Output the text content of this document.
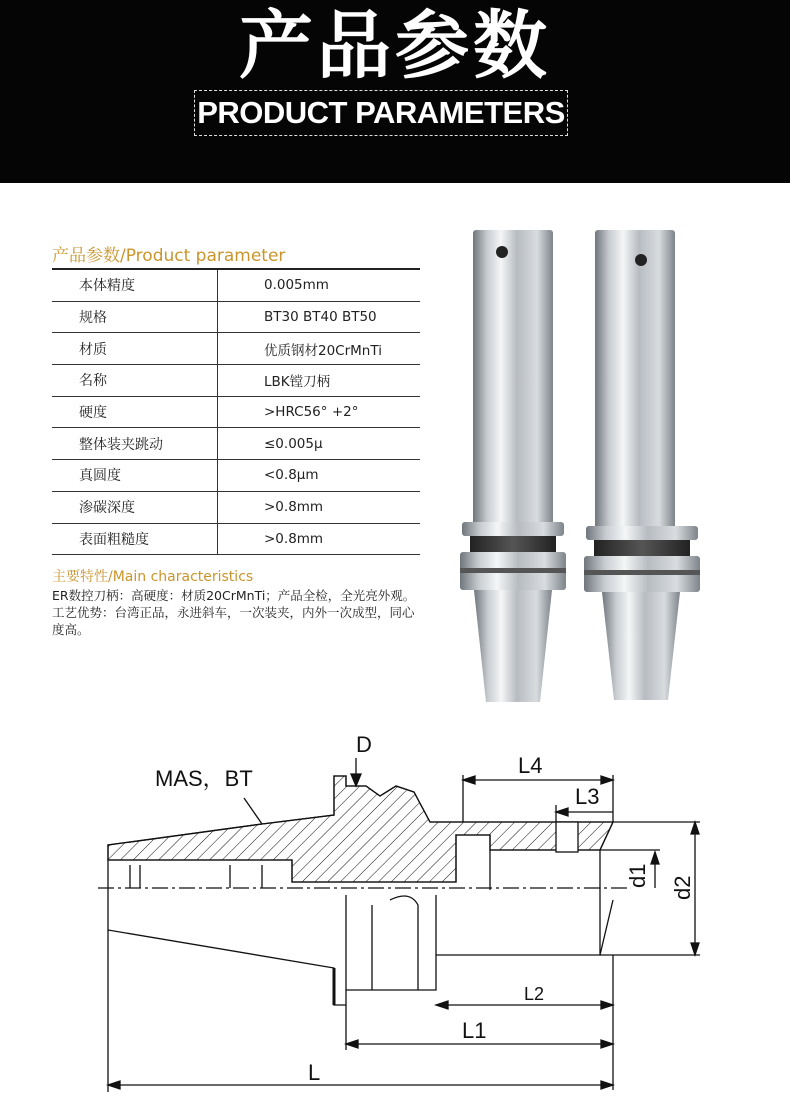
产品参数
PRODUCT PARAMETERS
产品参数/Product parameter
本体精度	0.005mm
规格	BT30 BT40 BT50
材质	优质钢材20CrMnTi
名称	LBK镗刀柄
硬度	>HRC56° +2°
整体装夹跳动	≤0.005μ
真圆度	<0.8μm
渗碳深度	>0.8mm
表面粗糙度	>0.8mm
主要特性/Main characteristics
ER数控刀柄：高硬度：材质20CrMnTi；产品全检，全光亮外观。工艺优势：台湾正品，永进斜车，一次装夹，内外一次成型，同心度高。
MAS，BT
D
L4
L3
d1 d2
L2
L1
L
